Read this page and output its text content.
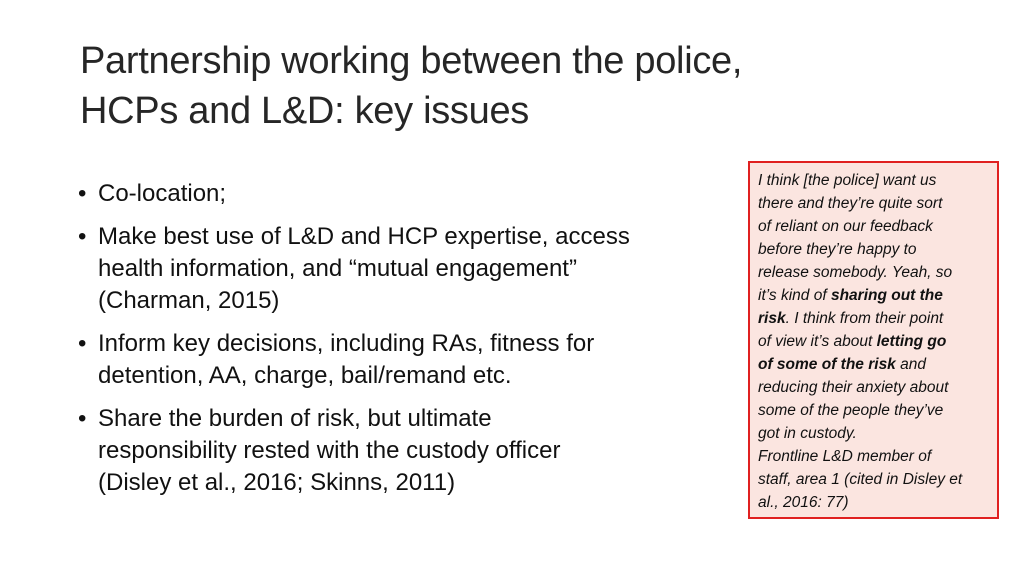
Partnership working between the police,
HCPs and L&D: key issues
• Co-location;
• Make best use of L&D and HCP expertise, access
health information, and “mutual engagement”
(Charman, 2015)
• Inform key decisions, including RAs, fitness for
detention, AA, charge, bail/remand etc.
• Share the burden of risk, but ultimate
responsibility rested with the custody officer
(Disley et al., 2016; Skinns, 2011)
I think [the police] want us
there and they’re quite sort
of reliant on our feedback
before they’re happy to
release somebody. Yeah, so
it’s kind of sharing out the
risk. I think from their point
of view it’s about letting go
of some of the risk and
reducing their anxiety about
some of the people they’ve
got in custody.
Frontline L&D member of
staff, area 1 (cited in Disley et
al., 2016: 77)
